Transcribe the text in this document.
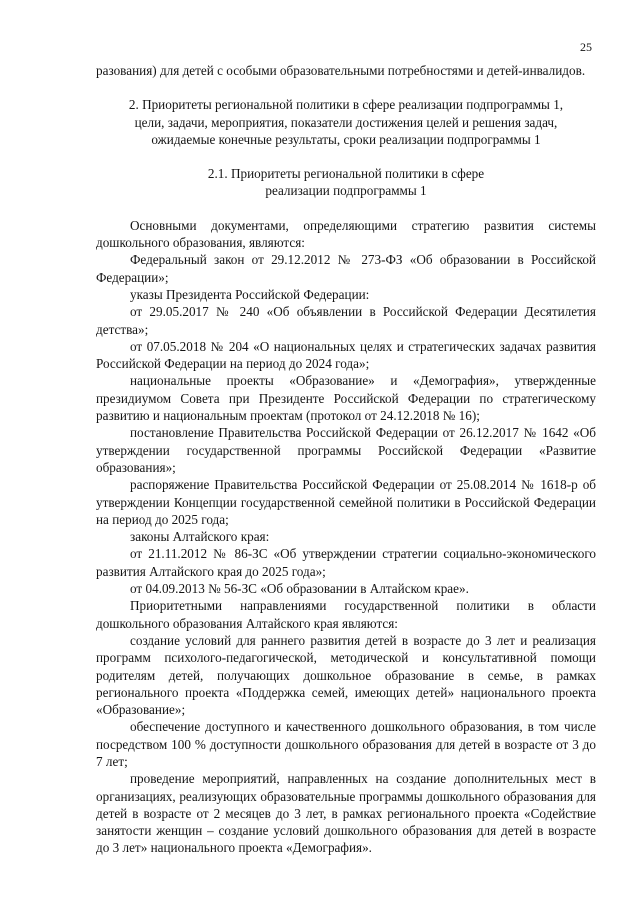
25

разования) для детей с особыми образовательными потребностями и детей-инвалидов.

2. Приоритеты региональной политики в сфере реализации подпрограммы 1,
цели, задачи, мероприятия, показатели достижения целей и решения задач,
ожидаемые конечные результаты, сроки реализации подпрограммы 1
2.1. Приоритеты региональной политики в сфере
реализации подпрограммы 1

Основными документами, определяющими стратегию развития системы дошкольного образования, являются:

Федеральный закон от 29.12.2012 № 273-ФЗ «Об образовании в Российской Федерации»;

указы Президента Российской Федерации:

от 29.05.2017 № 240 «Об объявлении в Российской Федерации Десятилетия детства»;

от 07.05.2018 № 204 «О национальных целях и стратегических задачах развития Российской Федерации на период до 2024 года»;

национальные проекты «Образование» и «Демография», утвержденные президиумом Совета при Президенте Российской Федерации по стратегическому развитию и национальным проектам (протокол от 24.12.2018 № 16);

постановление Правительства Российской Федерации от 26.12.2017 № 1642 «Об утверждении государственной программы Российской Федерации «Развитие образования»;

распоряжение Правительства Российской Федерации от 25.08.2014 № 1618-р об утверждении Концепции государственной семейной политики в Российской Федерации на период до 2025 года;

законы Алтайского края:

от 21.11.2012 № 86-ЗС «Об утверждении стратегии социально-экономического развития Алтайского края до 2025 года»;

от 04.09.2013 № 56-ЗС «Об образовании в Алтайском крае».

Приоритетными направлениями государственной политики в области дошкольного образования Алтайского края являются:

создание условий для раннего развития детей в возрасте до 3 лет и реализация программ психолого-педагогической, методической и консультативной помощи родителям детей, получающих дошкольное образование в семье, в рамках регионального проекта «Поддержка семей, имеющих детей» национального проекта «Образование»;

обеспечение доступного и качественного дошкольного образования, в том числе посредством 100 % доступности дошкольного образования для детей в возрасте от 3 до 7 лет;

проведение мероприятий, направленных на создание дополнительных мест в организациях, реализующих образовательные программы дошкольного образования для детей в возрасте от 2 месяцев до 3 лет, в рамках регионального проекта «Содействие занятости женщин – создание условий дошкольного образования для детей в возрасте до 3 лет» национального проекта «Демография».
